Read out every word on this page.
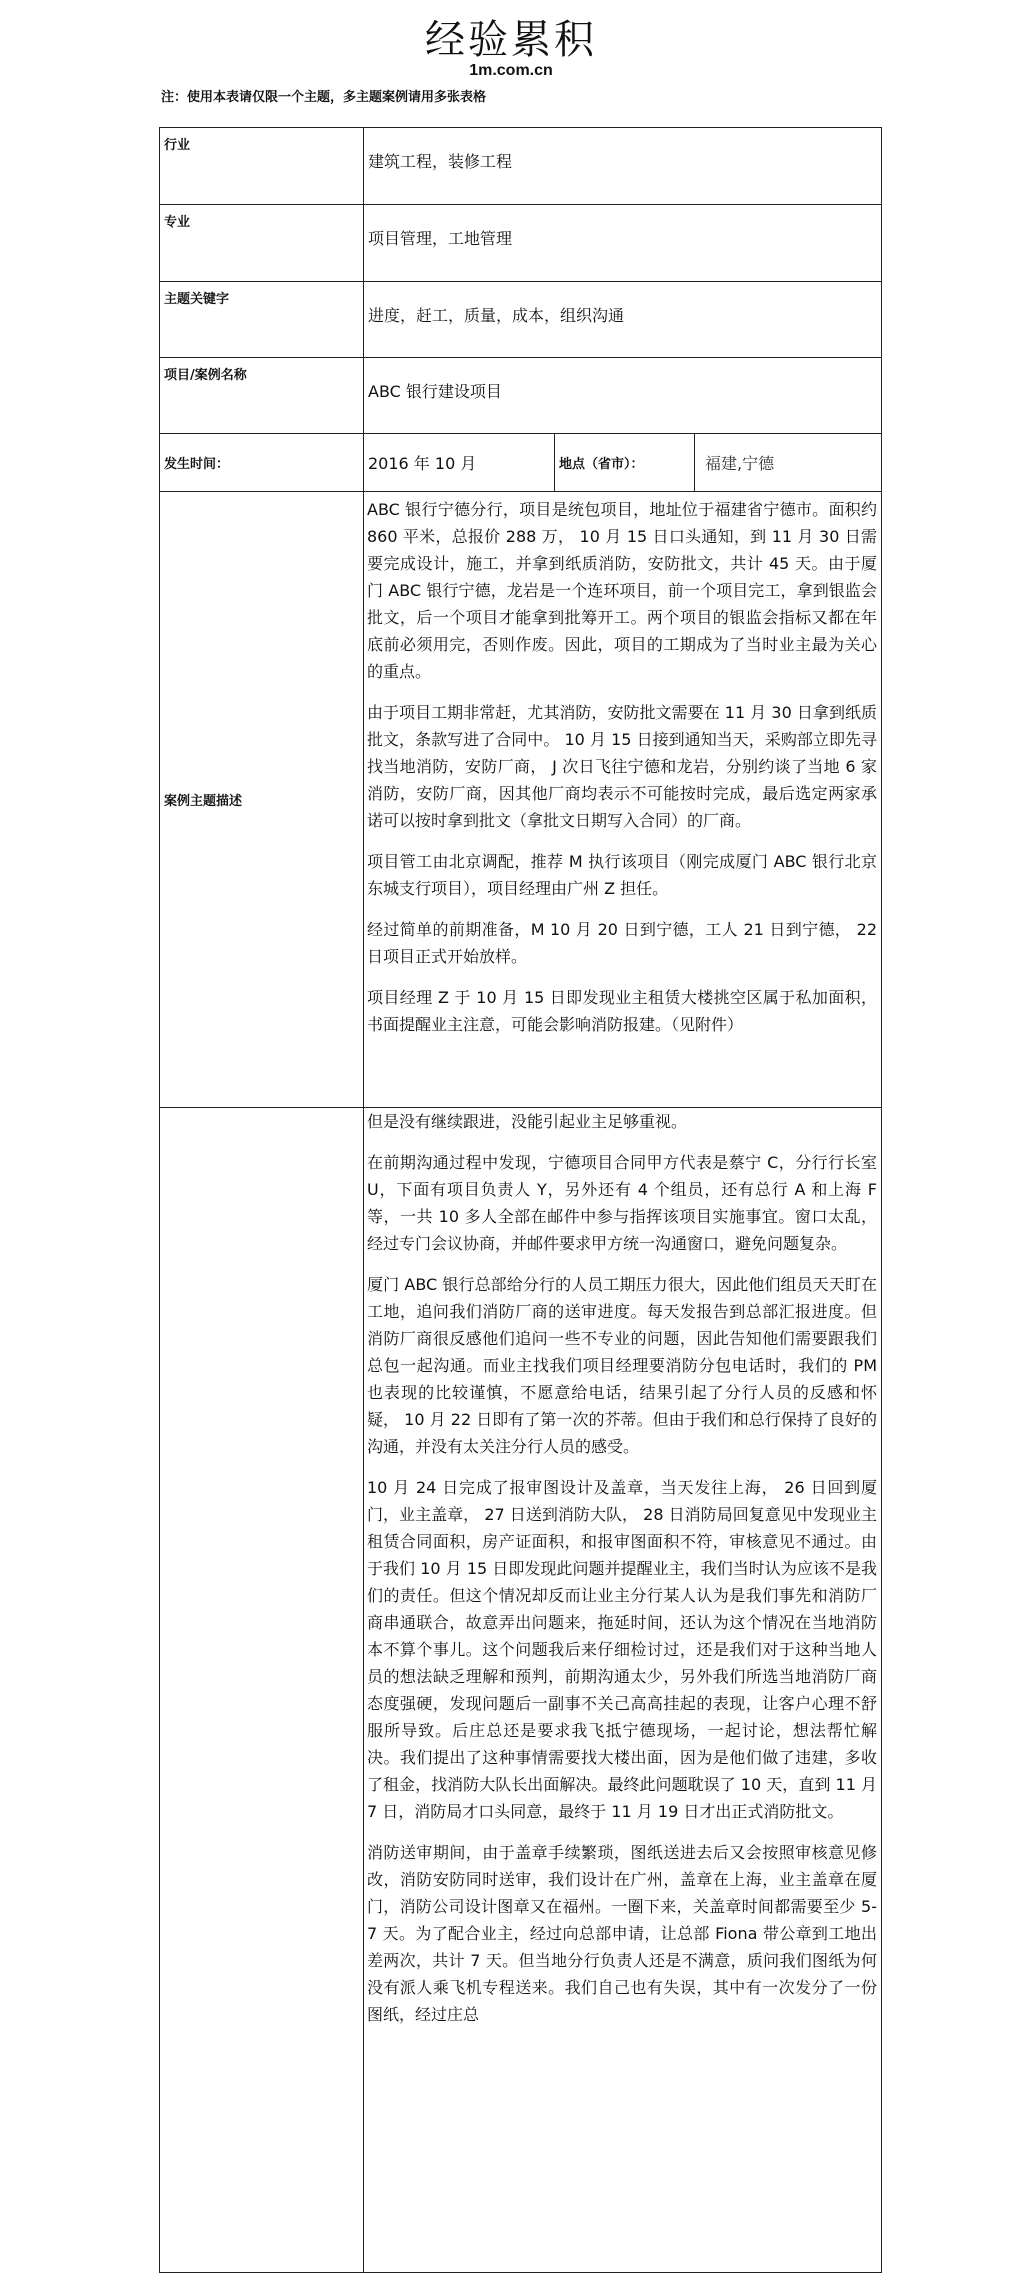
经验累积
1m.com.cn
注：使用本表请仅限一个主题，多主题案例请用多张表格
行业	建筑工程，装修工程		
专业	项目管理，工地管理		
主题关键字	进度，赶工，质量，成本，组织沟通		
项目/案例名称	ABC 银行建设项目		
发生时间：	2016 年 10 月	地点（省市）：	福建,宁德
案例主题描述	ABC 银行宁德分行，项目是统包项目，地址位于福建省宁德市。面积约 860 平米，总报价 288 万， 10 月 15 日口头通知，到 11 月 30 日需要完成设计，施工，并拿到纸质消防，安防批文，共计 45 天。由于厦门 ABC 银行宁德，龙岩是一个连环项目，前一个项目完工，拿到银监会批文，后一个项目才能拿到批筹开工。两个项目的银监会指标又都在年底前必须用完，否则作废。因此，项目的工期成为了当时业主最为关心的重点。

由于项目工期非常赶，尤其消防，安防批文需要在 11 月 30 日拿到纸质批文，条款写进了合同中。 10 月 15 日接到通知当天，采购部立即先寻找当地消防，安防厂商， J 次日飞往宁德和龙岩，分别约谈了当地 6 家消防，安防厂商，因其他厂商均表示不可能按时完成，最后选定两家承诺可以按时拿到批文（拿批文日期写入合同）的厂商。

项目管工由北京调配，推荐 M 执行该项目（刚完成厦门 ABC 银行北京东城支行项目），项目经理由广州 Z 担任。

经过简单的前期准备，M 10 月 20 日到宁德，工人 21 日到宁德， 22 日项目正式开始放样。

项目经理 Z 于 10 月 15 日即发现业主租赁大楼挑空区属于私加面积，书面提醒业主注意，可能会影响消防报建。（见附件）		

但是没有继续跟进，没能引起业主足够重视。

在前期沟通过程中发现，宁德项目合同甲方代表是蔡宁 C，分行行长室 U，下面有项目负责人 Y，另外还有 4 个组员，还有总行 A 和上海 F 等，一共 10 多人全部在邮件中参与指挥该项目实施事宜。窗口太乱，经过专门会议协商，并邮件要求甲方统一沟通窗口，避免问题复杂。

厦门 ABC 银行总部给分行的人员工期压力很大，因此他们组员天天盯在工地，追问我们消防厂商的送审进度。每天发报告到总部汇报进度。但消防厂商很反感他们追问一些不专业的问题，因此告知他们需要跟我们总包一起沟通。而业主找我们项目经理要消防分包电话时，我们的 PM 也表现的比较谨慎，不愿意给电话，结果引起了分行人员的反感和怀疑， 10 月 22 日即有了第一次的芥蒂。但由于我们和总行保持了良好的沟通，并没有太关注分行人员的感受。

10 月 24 日完成了报审图设计及盖章，当天发往上海， 26 日回到厦门，业主盖章， 27 日送到消防大队， 28 日消防局回复意见中发现业主租赁合同面积，房产证面积，和报审图面积不符，审核意见不通过。由于我们 10 月 15 日即发现此问题并提醒业主，我们当时认为应该不是我们的责任。但这个情况却反而让业主分行某人认为是我们事先和消防厂商串通联合，故意弄出问题来，拖延时间，还认为这个情况在当地消防本不算个事儿。这个问题我后来仔细检讨过，还是我们对于这种当地人员的想法缺乏理解和预判，前期沟通太少，另外我们所选当地消防厂商态度强硬，发现问题后一副事不关己高高挂起的表现，让客户心理不舒服所导致。后庄总还是要求我飞抵宁德现场，一起讨论，想法帮忙解决。我们提出了这种事情需要找大楼出面，因为是他们做了违建，多收了租金，找消防大队长出面解决。最终此问题耽误了 10 天，直到 11 月 7 日，消防局才口头同意，最终于 11 月 19 日才出正式消防批文。

消防送审期间，由于盖章手续繁琐，图纸送进去后又会按照审核意见修改，消防安防同时送审，我们设计在广州，盖章在上海，业主盖章在厦门，消防公司设计图章又在福州。一圈下来，关盖章时间都需要至少 5-7 天。为了配合业主，经过向总部申请，让总部 Fiona 带公章到工地出差两次，共计 7 天。但当地分行负责人还是不满意，质问我们图纸为何没有派人乘飞机专程送来。我们自己也有失误，其中有一次发分了一份图纸，经过庄总
